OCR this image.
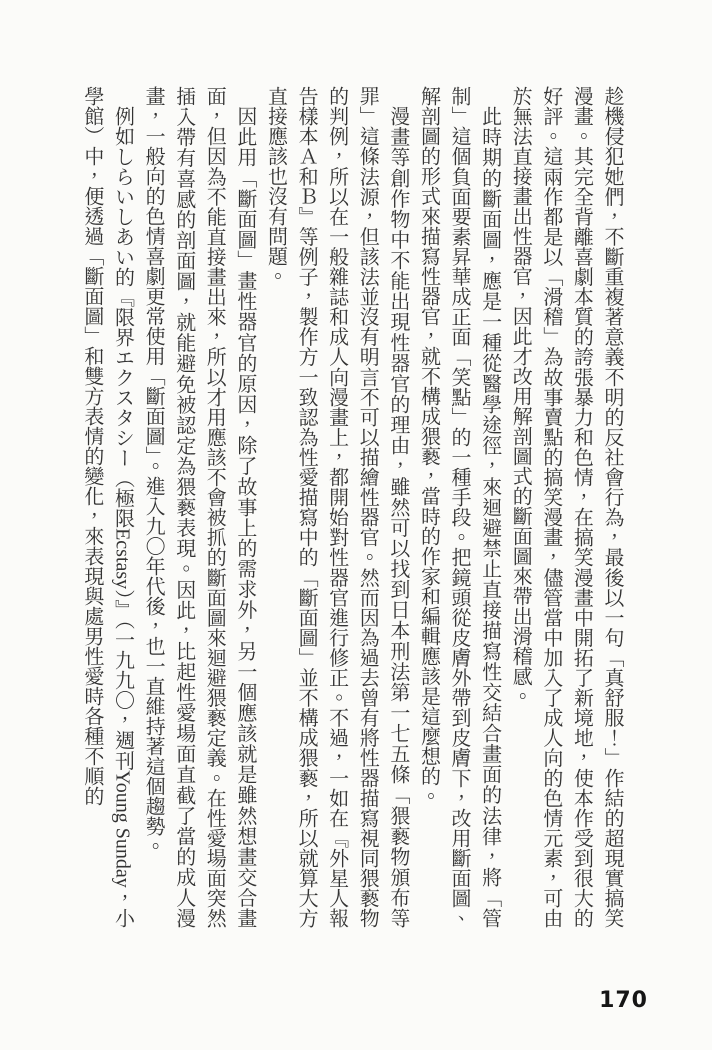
趁機侵犯她們，不斷重複著意義不明的反社會行為，最後以一句「真舒服！」作結的超現實搞笑漫畫。其完全背離喜劇本質的誇張暴力和色情，在搞笑漫畫中開拓了新境地，使本作受到很大的好評。這兩作都是以「滑稽」為故事賣點的搞笑漫畫，儘管當中加入了成人向的色情元素，可由於無法直接畫出性器官，因此才改用解剖圖式的斷面圖來帶出滑稽感。

此時期的斷面圖，應是一種從醫學途徑，來迴避禁止直接描寫性交結合畫面的法律，將「管制」這個負面要素昇華成正面「笑點」的一種手段。把鏡頭從皮膚外帶到皮膚下，改用斷面圖、解剖圖的形式來描寫性器官，就不構成猥褻，當時的作家和編輯應該是這麼想的。

漫畫等創作物中不能出現性器官的理由，雖然可以找到日本刑法第一七五條「猥褻物頒布等罪」這條法源，但該法並沒有明言不可以描繪性器官。然而因為過去曾有將性器描寫視同猥褻物的判例，所以在一般雜誌和成人向漫畫上，都開始對性器官進行修正。不過，一如在『外星人報告樣本Ａ和Ｂ』等例子，製作方一致認為性愛描寫中的「斷面圖」並不構成猥褻，所以就算大方直接應該也沒有問題。

因此用「斷面圖」畫性器官的原因，除了故事上的需求外，另一個應該就是雖然想畫交合畫面，但因為不能直接畫出來，所以才用應該不會被抓的斷面圖來迴避猥褻定義。在性愛場面突然插入帶有喜感的剖面圖，就能避免被認定為猥褻表現。因此，比起性愛場面直截了當的成人漫畫，一般向的色情喜劇更常使用「斷面圖」。進入九〇年代後，也一直維持著這個趨勢。

例如しらいしあい的『限界エクスタシー（極限Ecstasy）』（一九九〇，週刊Young Sunday，小學館）中，便透過「斷面圖」和雙方表情的變化，來表現與處男性愛時各種不順的

170
